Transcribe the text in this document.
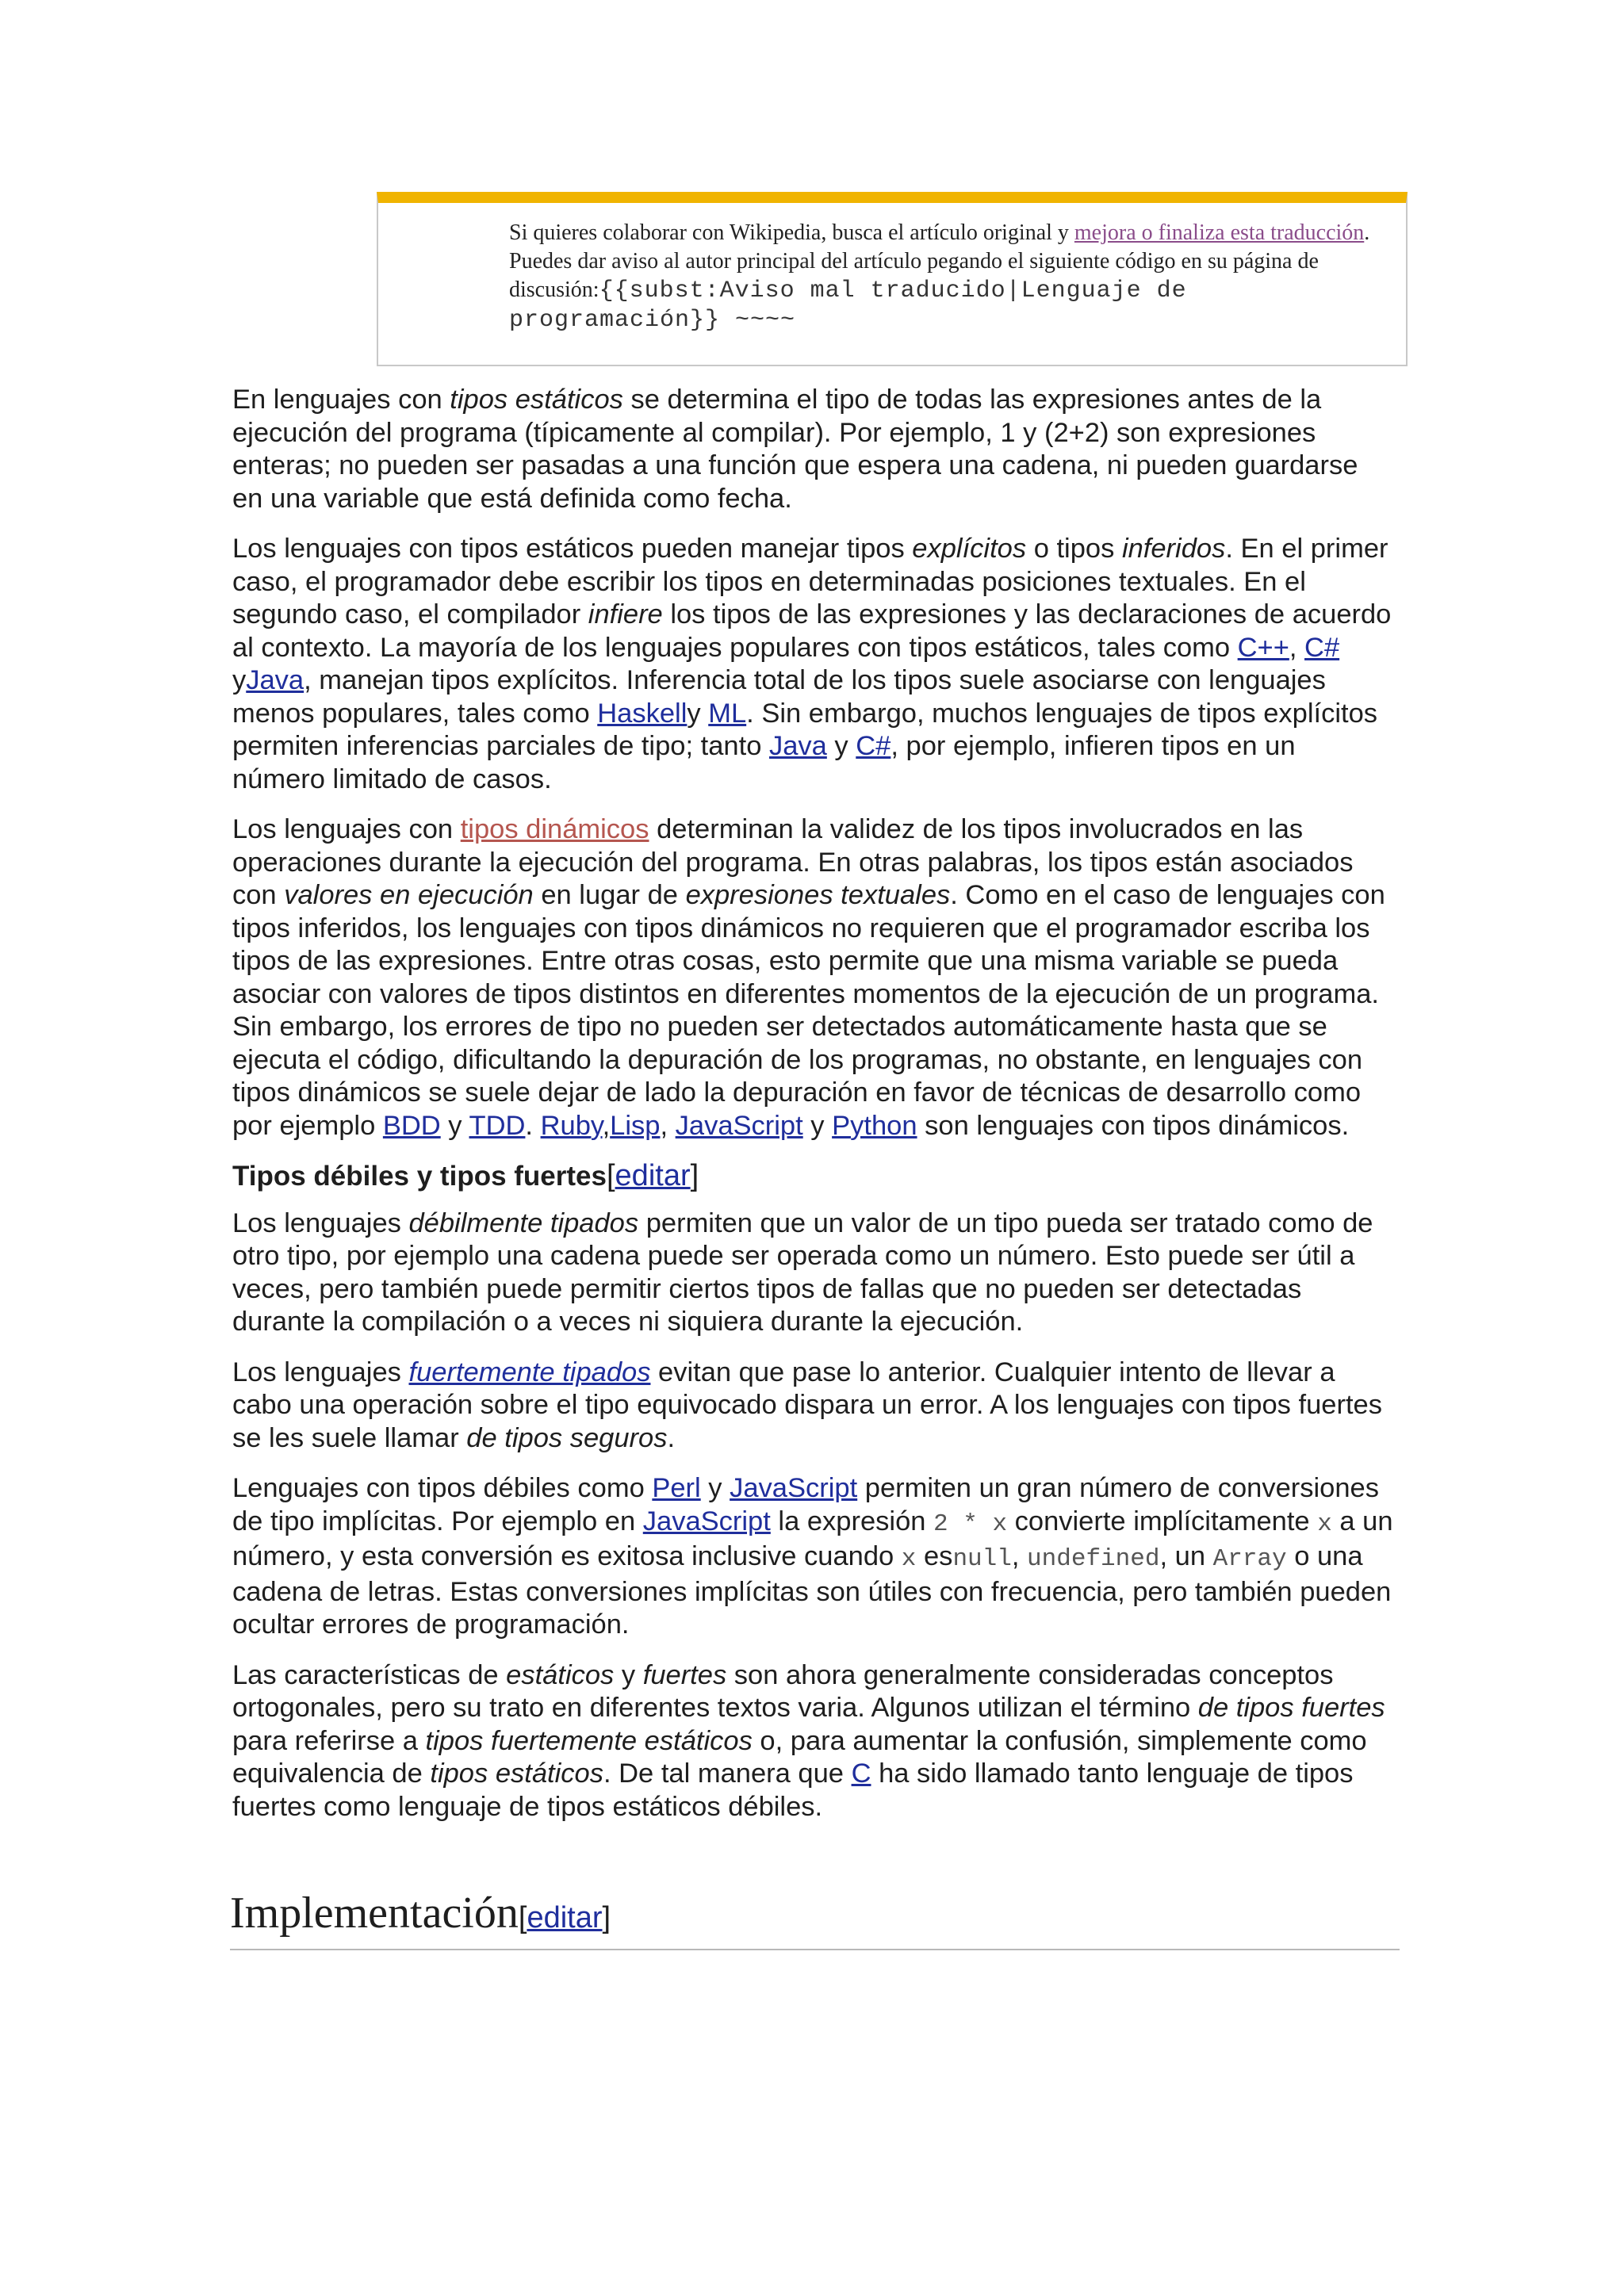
Si quieres colaborar con Wikipedia, busca el artículo original y mejora o finaliza esta traducción.
Puedes dar aviso al autor principal del artículo pegando el siguiente código en su página de discusión:{{subst:Aviso mal traducido|Lenguaje de programación}} ~~~~

En lenguajes con tipos estáticos se determina el tipo de todas las expresiones antes de la ejecución del programa (típicamente al compilar). Por ejemplo, 1 y (2+2) son expresiones enteras; no pueden ser pasadas a una función que espera una cadena, ni pueden guardarse en una variable que está definida como fecha.

Los lenguajes con tipos estáticos pueden manejar tipos explícitos o tipos inferidos. En el primer caso, el programador debe escribir los tipos en determinadas posiciones textuales. En el segundo caso, el compilador infiere los tipos de las expresiones y las declaraciones de acuerdo al contexto. La mayoría de los lenguajes populares con tipos estáticos, tales como C++, C# yJava, manejan tipos explícitos. Inferencia total de los tipos suele asociarse con lenguajes menos populares, tales como Haskelly ML. Sin embargo, muchos lenguajes de tipos explícitos permiten inferencias parciales de tipo; tanto Java y C#, por ejemplo, infieren tipos en un número limitado de casos.

Los lenguajes con tipos dinámicos determinan la validez de los tipos involucrados en las operaciones durante la ejecución del programa. En otras palabras, los tipos están asociados con valores en ejecución en lugar de expresiones textuales. Como en el caso de lenguajes con tipos inferidos, los lenguajes con tipos dinámicos no requieren que el programador escriba los tipos de las expresiones. Entre otras cosas, esto permite que una misma variable se pueda asociar con valores de tipos distintos en diferentes momentos de la ejecución de un programa. Sin embargo, los errores de tipo no pueden ser detectados automáticamente hasta que se ejecuta el código, dificultando la depuración de los programas, no obstante, en lenguajes con tipos dinámicos se suele dejar de lado la depuración en favor de técnicas de desarrollo como por ejemplo BDD y TDD. Ruby,Lisp, JavaScript y Python son lenguajes con tipos dinámicos.

Tipos débiles y tipos fuertes[editar]

Los lenguajes débilmente tipados permiten que un valor de un tipo pueda ser tratado como de otro tipo, por ejemplo una cadena puede ser operada como un número. Esto puede ser útil a veces, pero también puede permitir ciertos tipos de fallas que no pueden ser detectadas durante la compilación o a veces ni siquiera durante la ejecución.

Los lenguajes fuertemente tipados evitan que pase lo anterior. Cualquier intento de llevar a cabo una operación sobre el tipo equivocado dispara un error. A los lenguajes con tipos fuertes se les suele llamar de tipos seguros.

Lenguajes con tipos débiles como Perl y JavaScript permiten un gran número de conversiones de tipo implícitas. Por ejemplo en JavaScript la expresión 2 * x convierte implícitamente x a un número, y esta conversión es exitosa inclusive cuando x esnull, undefined, un Array o una cadena de letras. Estas conversiones implícitas son útiles con frecuencia, pero también pueden ocultar errores de programación.

Las características de estáticos y fuertes son ahora generalmente consideradas conceptos ortogonales, pero su trato en diferentes textos varia. Algunos utilizan el término de tipos fuertes para referirse a tipos fuertemente estáticos o, para aumentar la confusión, simplemente como equivalencia de tipos estáticos. De tal manera que C ha sido llamado tanto lenguaje de tipos fuertes como lenguaje de tipos estáticos débiles.

Implementación[editar]
